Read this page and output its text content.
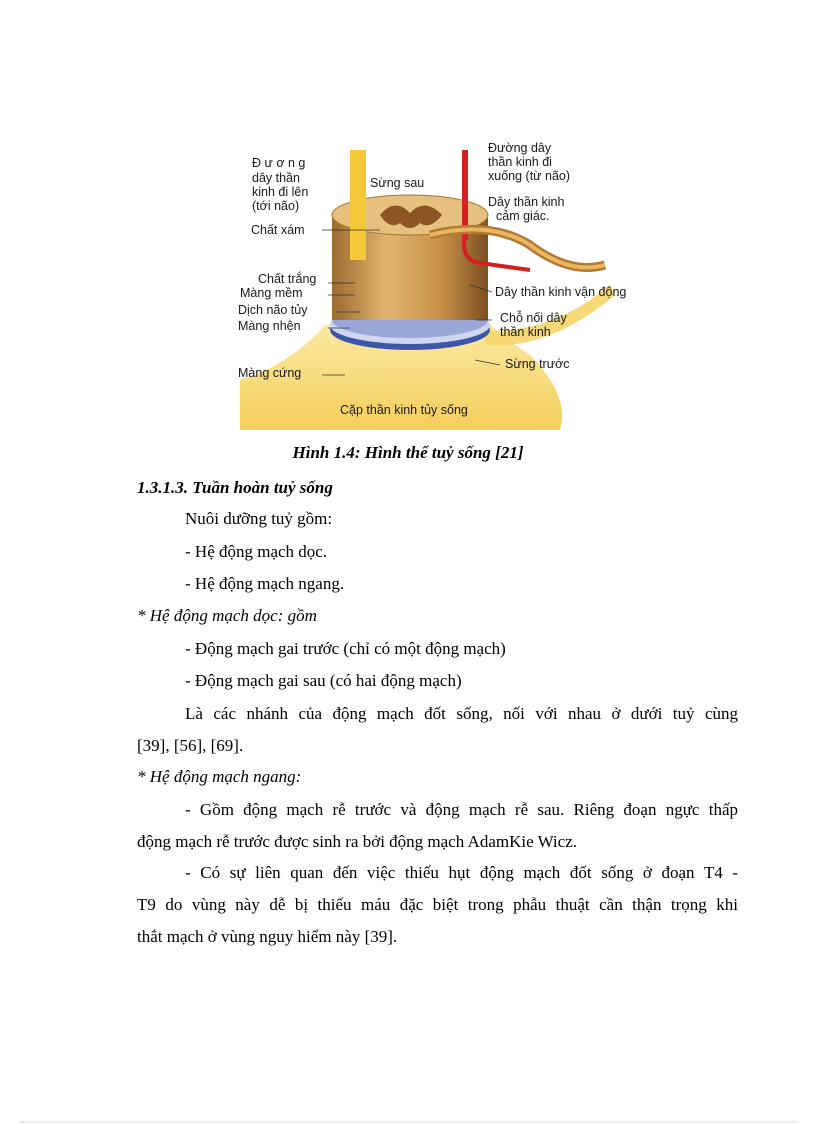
Đ ư ơ n g
dây thần
kinh đi lên
(tới não)
Sừng sau
Đường dây
thần kinh đi
xuống (từ não)
Dây thần kinh
cảm giác.
Chất xám
Chất trắng
Màng mềm
Dịch não tủy
Màng nhện
Dây thần kinh vận động
Chỗ nối dây
thần kinh
Sừng trước
Màng cứng
Cặp thần kinh tủy sống
Hình 1.4: Hình thể tuỷ sống [21]
1.3.1.3. Tuần hoàn tuỷ sống
Nuôi dưỡng tuỷ gồm:
- Hệ động mạch dọc.
- Hệ động mạch ngang.
* Hệ động mạch dọc: gồm
- Động mạch gai trước (chỉ có một động mạch)
- Động mạch gai sau (có hai động mạch)
Là các nhánh của động mạch đốt sống, nối với nhau ở dưới tuỷ cùng
[39], [56], [69].
* Hệ động mạch ngang:
- Gồm động mạch rễ trước và động mạch rễ sau. Riêng đoạn ngực thấp
động mạch rễ trước được sinh ra bởi động mạch AdamKie Wicz.
- Có sự liên quan đến việc thiếu hụt động mạch đốt sống ở đoạn T4 -
T9 do vùng này dễ bị thiếu máu đặc biệt trong phẫu thuật cần thận trọng khi
thắt mạch ở vùng nguy hiểm này [39].
